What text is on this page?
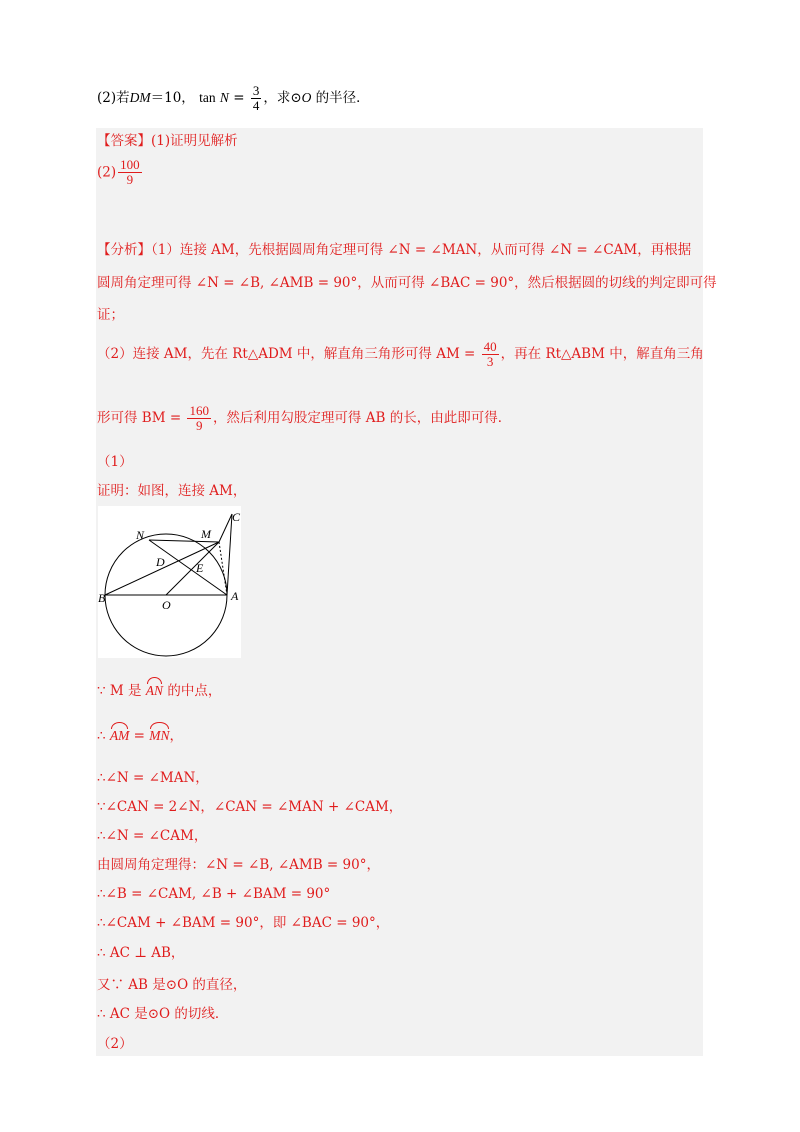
(2)若DM＝10， $\tan N = \frac{3}{4}$ ，求⊙O 的半径．
【答案】(1)证明见解析
$(2) \frac{100}{9}$
【分析】（1）连接 AM，先根据圆周角定理可得 ∠N = ∠MAN，从而可得 ∠N = ∠CAM，再根据
圆周角定理可得 ∠N = ∠B, ∠AMB = 90°，从而可得 ∠BAC = 90°，然后根据圆的切线的判定即可得
证；
（2）连接 AM，先在 Rt△ADM 中，解直角三角形可得 AM = $\frac{40}{3}$ ，再在 Rt△ABM 中，解直角三角
形可得 BM = $\frac{160}{9}$ ，然后利用勾股定理可得 AB 的长，由此即可得．
（1）
证明：如图，连接 AM，
N	M
C
D	E
B	O
A
∵ M 是 AN 的中点，
∴ AM = MN，
∴∠N = ∠MAN，
∵∠CAN = 2∠N，∠CAN = ∠MAN + ∠CAM，
∴∠N = ∠CAM，
由圆周角定理得：∠N = ∠B, ∠AMB = 90°，
∴∠B = ∠CAM, ∠B + ∠BAM = 90°
∴∠CAM + ∠BAM = 90°，即 ∠BAC = 90°，
∴ AC ⊥ AB，
又∵ AB 是⊙O 的直径，
∴ AC 是⊙O 的切线．
（2）
